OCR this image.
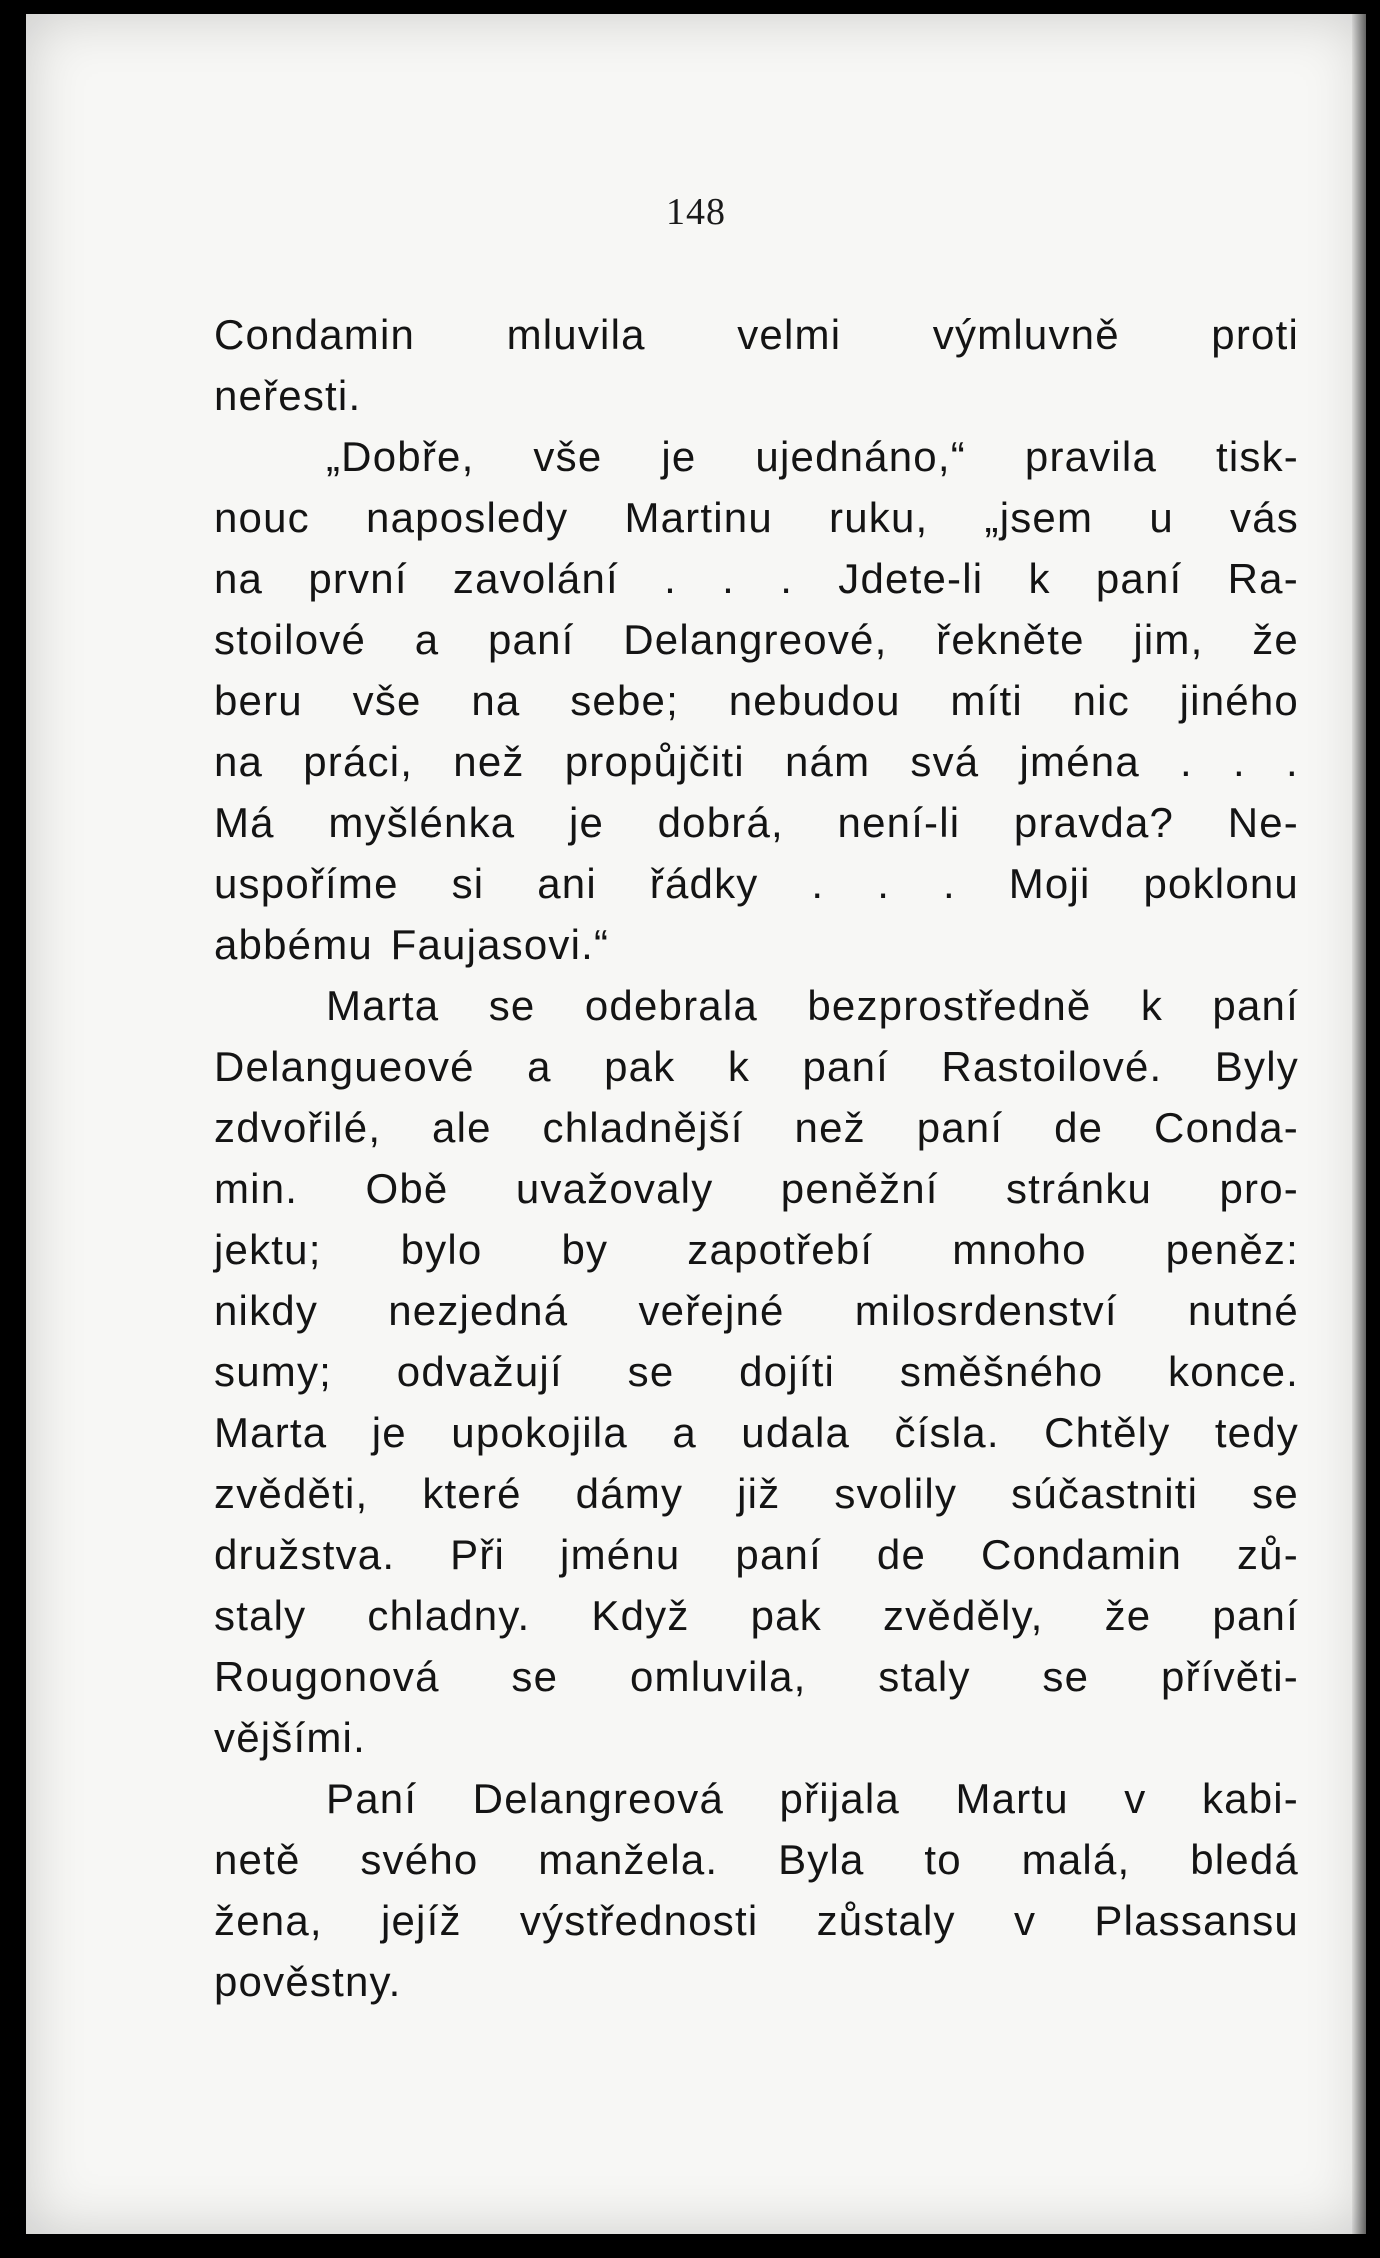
148
Condamin mluvila velmi výmluvně proti
neřesti.
„Dobře, vše je ujednáno,“ pravila tisk-
nouc naposledy Martinu ruku, „jsem u vás
na první zavolání . . . Jdete-li k paní Ra-
stoilové a paní Delangreové, řekněte jim, že
beru vše na sebe; nebudou míti nic jiného
na práci, než propůjčiti nám svá jména . . .
Má myšlénka je dobrá, není-li pravda? Ne-
uspoříme si ani řádky . . . Moji poklonu
abbému Faujasovi.“
Marta se odebrala bezprostředně k paní
Delangueové a pak k paní Rastoilové. Byly
zdvořilé, ale chladnější než paní de Conda-
min. Obě uvažovaly peněžní stránku pro-
jektu; bylo by zapotřebí mnoho peněz:
nikdy nezjedná veřejné milosrdenství nutné
sumy; odvažují se dojíti směšného konce.
Marta je upokojila a udala čísla. Chtěly tedy
zvěděti, které dámy již svolily súčastniti se
družstva. Při jménu paní de Condamin zů-
staly chladny. Když pak zvěděly, že paní
Rougonová se omluvila, staly se přívěti-
vějšími.
Paní Delangreová přijala Martu v kabi-
netě svého manžela. Byla to malá, bledá
žena, jejíž výstřednosti zůstaly v Plassansu
pověstny.
